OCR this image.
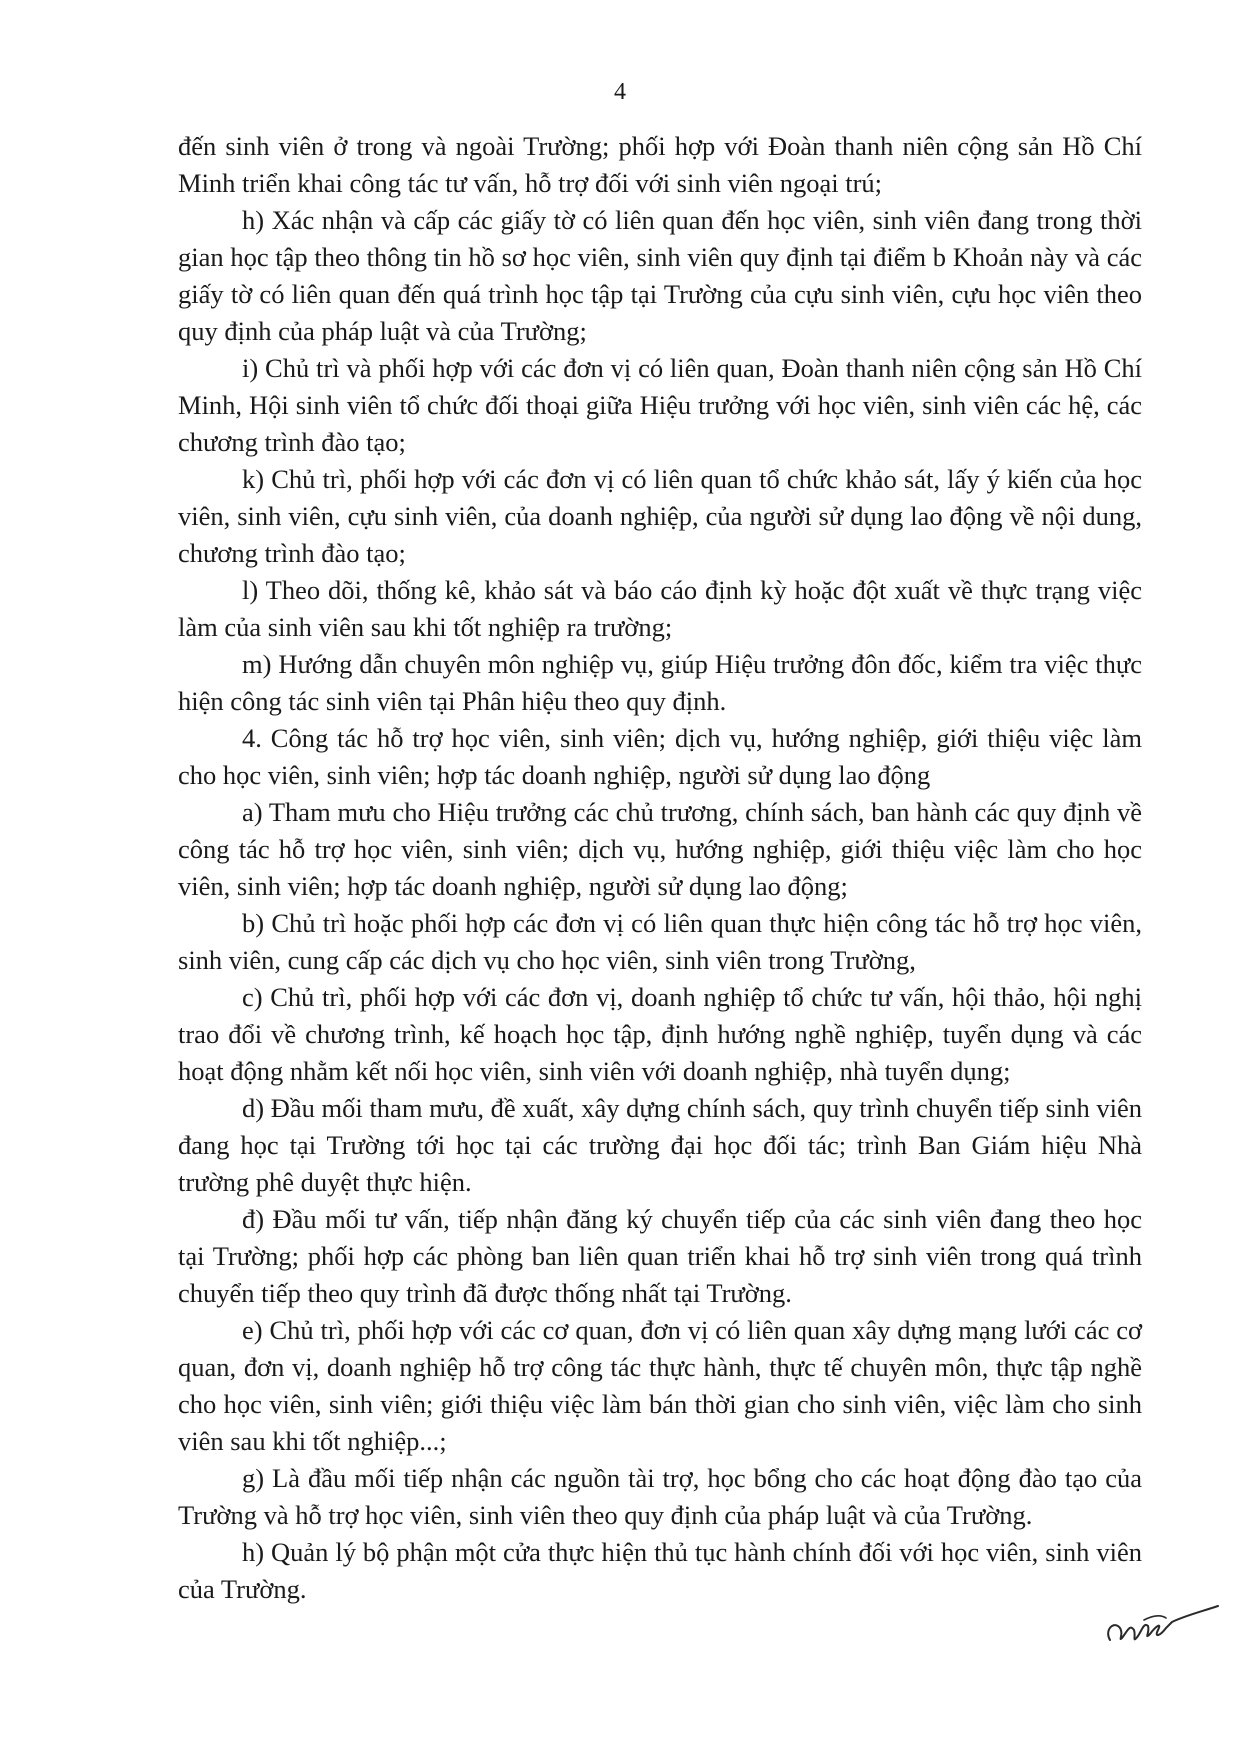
4

đến sinh viên ở trong và ngoài Trường; phối hợp với Đoàn thanh niên cộng sản Hồ Chí Minh triển khai công tác tư vấn, hỗ trợ đối với sinh viên ngoại trú;

h) Xác nhận và cấp các giấy tờ có liên quan đến học viên, sinh viên đang trong thời gian học tập theo thông tin hồ sơ học viên, sinh viên quy định tại điểm b Khoản này và các giấy tờ có liên quan đến quá trình học tập tại Trường của cựu sinh viên, cựu học viên theo quy định của pháp luật và của Trường;

i) Chủ trì và phối hợp với các đơn vị có liên quan, Đoàn thanh niên cộng sản Hồ Chí Minh, Hội sinh viên tổ chức đối thoại giữa Hiệu trưởng với học viên, sinh viên các hệ, các chương trình đào tạo;

k) Chủ trì, phối hợp với các đơn vị có liên quan tổ chức khảo sát, lấy ý kiến của học viên, sinh viên, cựu sinh viên, của doanh nghiệp, của người sử dụng lao động về nội dung, chương trình đào tạo;

l) Theo dõi, thống kê, khảo sát và báo cáo định kỳ hoặc đột xuất về thực trạng việc làm của sinh viên sau khi tốt nghiệp ra trường;

m) Hướng dẫn chuyên môn nghiệp vụ, giúp Hiệu trưởng đôn đốc, kiểm tra việc thực hiện công tác sinh viên tại Phân hiệu theo quy định.

4. Công tác hỗ trợ học viên, sinh viên; dịch vụ, hướng nghiệp, giới thiệu việc làm cho học viên, sinh viên; hợp tác doanh nghiệp, người sử dụng lao động

a) Tham mưu cho Hiệu trưởng các chủ trương, chính sách, ban hành các quy định về công tác hỗ trợ học viên, sinh viên; dịch vụ, hướng nghiệp, giới thiệu việc làm cho học viên, sinh viên; hợp tác doanh nghiệp, người sử dụng lao động;

b) Chủ trì hoặc phối hợp các đơn vị có liên quan thực hiện công tác hỗ trợ học viên, sinh viên, cung cấp các dịch vụ cho học viên, sinh viên trong Trường,

c) Chủ trì, phối hợp với các đơn vị, doanh nghiệp tổ chức tư vấn, hội thảo, hội nghị trao đổi về chương trình, kế hoạch học tập, định hướng nghề nghiệp, tuyển dụng và các hoạt động nhằm kết nối học viên, sinh viên với doanh nghiệp, nhà tuyển dụng;

d) Đầu mối tham mưu, đề xuất, xây dựng chính sách, quy trình chuyển tiếp sinh viên đang học tại Trường tới học tại các trường đại học đối tác; trình Ban Giám hiệu Nhà trường phê duyệt thực hiện.

đ) Đầu mối tư vấn, tiếp nhận đăng ký chuyển tiếp của các sinh viên đang theo học tại Trường; phối hợp các phòng ban liên quan triển khai hỗ trợ sinh viên trong quá trình chuyển tiếp theo quy trình đã được thống nhất tại Trường.

e) Chủ trì, phối hợp với các cơ quan, đơn vị có liên quan xây dựng mạng lưới các cơ quan, đơn vị, doanh nghiệp hỗ trợ công tác thực hành, thực tế chuyên môn, thực tập nghề cho học viên, sinh viên; giới thiệu việc làm bán thời gian cho sinh viên, việc làm cho sinh viên sau khi tốt nghiệp...;

g) Là đầu mối tiếp nhận các nguồn tài trợ, học bổng cho các hoạt động đào tạo của Trường và hỗ trợ học viên, sinh viên theo quy định của pháp luật và của Trường.

h) Quản lý bộ phận một cửa thực hiện thủ tục hành chính đối với học viên, sinh viên của Trường.
